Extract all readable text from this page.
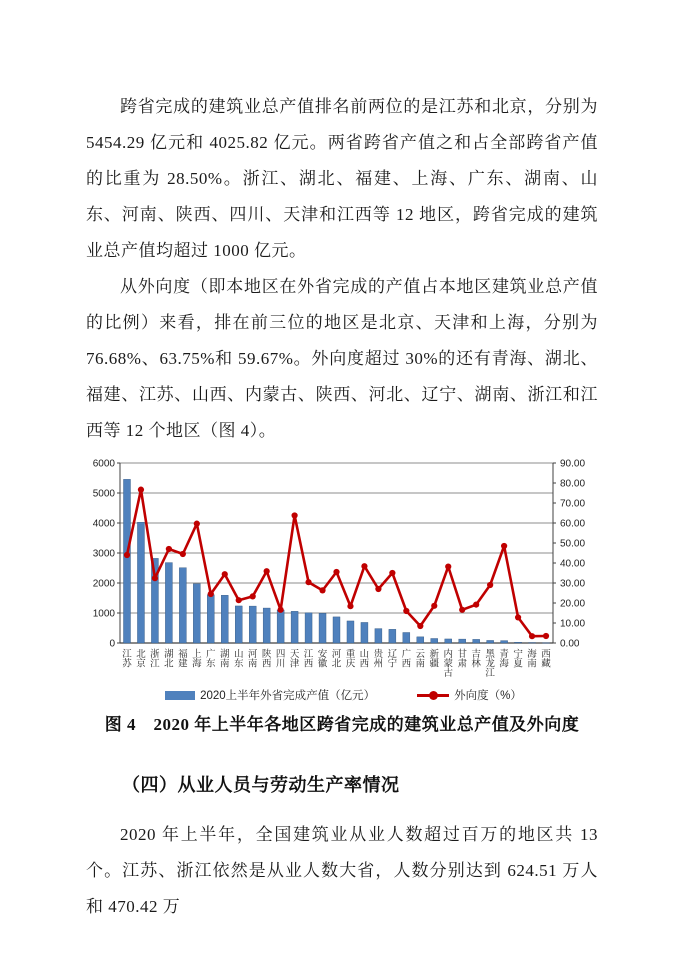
跨省完成的建筑业总产值排名前两位的是江苏和北京，分别为 5454.29 亿元和 4025.82 亿元。两省跨省产值之和占全部跨省产值的比重为 28.50%。浙江、湖北、福建、上海、广东、湖南、山东、河南、陕西、四川、天津和江西等 12 地区，跨省完成的建筑业总产值均超过 1000 亿元。

从外向度（即本地区在外省完成的产值占本地区建筑业总产值的比例）来看，排在前三位的地区是北京、天津和上海，分别为 76.68%、63.75%和 59.67%。外向度超过 30%的还有青海、湖北、福建、江苏、山西、内蒙古、陕西、河北、辽宁、湖南、浙江和江西等 12 个地区（图 4）。

0
1000
2000
3000
4000
5000
6000
0.00
10.00
20.00
30.00
40.00
50.00
60.00
70.00
80.00
90.00
江苏
北京
浙江
湖北
福建
上海
广东
湖南
山东
河南
陕西
四川
天津
江西
安徽
河北
重庆
山西
贵州
辽宁
广西
云南
新疆
内蒙古
甘肃
吉林
黑龙江
青海
宁夏
海南
西藏
2020上半年外省完成产值（亿元）	外向度（%）
图 4　2020 年上半年各地区跨省完成的建筑业总产值及外向度
（四）从业人员与劳动生产率情况

2020 年上半年，全国建筑业从业人数超过百万的地区共 13 个。江苏、浙江依然是从业人数大省，人数分别达到 624.51 万人和 470.42 万
